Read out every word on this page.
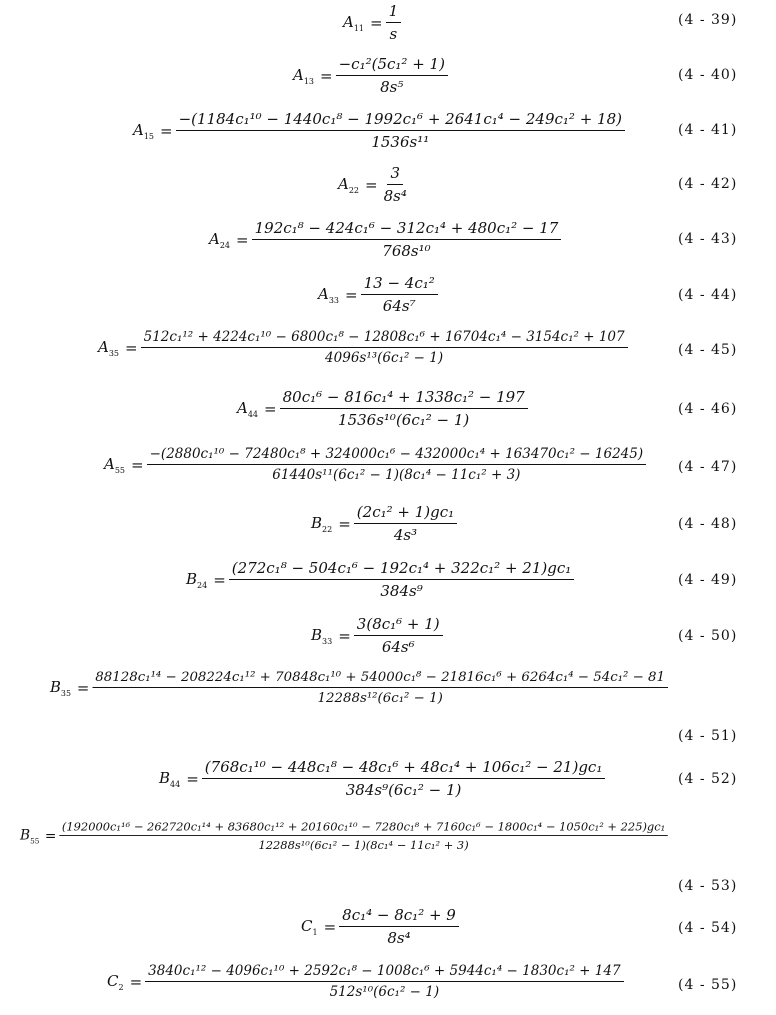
$A_{11} = \frac{1}{s}$	(4 - 39)
$A_{13} = \frac{\text{−c₁²(5c₁² + 1)}}{\text{8s⁵}}$	(4 - 40)
$A_{15} = \frac{\text{−(1184c₁¹⁰ − 1440c₁⁸ − 1992c₁⁶ + 2641c₁⁴ − 249c₁² + 18)}}{\text{1536s¹¹}}$	(4 - 41)
$A_{22} = \frac{3}{\text{8s⁴}}$	(4 - 42)
$A_{24} = \frac{\text{192c₁⁸ − 424c₁⁶ − 312c₁⁴ + 480c₁² − 17}}{\text{768s¹⁰}}$	(4 - 43)
$A_{33} = \frac{\text{13 − 4c₁²}}{\text{64s⁷}}$	(4 - 44)
$A_{35}$ =
512c₁¹² + 4224c₁¹⁰ − 6800c₁⁸ − 12808c₁⁶ + 16704c₁⁴ − 3154c₁² + 107
4096s¹³(6c₁² − 1)	(4 - 45)
$A_{44} = \frac{\text{80c₁⁶ − 816c₁⁴ + 1338c₁² − 197}}{\text{1536s¹⁰(6c₁² − 1)}}$	(4 - 46)
$A_{55}$ =
−(2880c₁¹⁰ − 72480c₁⁸ + 324000c₁⁶ − 432000c₁⁴ + 163470c₁² − 16245)
61440s¹¹(6c₁² − 1)(8c₁⁴ − 11c₁² + 3)	(4 - 47)
$B_{22} = \frac{\text{(2c₁² + 1)gc₁}}{\text{4s³}}$	(4 - 48)
$B_{24} = \frac{\text{(272c₁⁸ − 504c₁⁶ − 192c₁⁴ + 322c₁² + 21)gc₁}}{\text{384s⁹}}$	(4 - 49)
$B_{33} = \frac{\text{3(8c₁⁶ + 1)}}{\text{64s⁶}}$	(4 - 50)
$B_{35}$ =
88128c₁¹⁴ − 208224c₁¹² + 70848c₁¹⁰ + 54000c₁⁸ − 21816c₁⁶ + 6264c₁⁴ − 54c₁² − 81
12288s¹²(6c₁² − 1)
(4 - 51)
$B_{44} = \frac{\text{(768c₁¹⁰ − 448c₁⁸ − 48c₁⁶ + 48c₁⁴ + 106c₁² − 21)gc₁}}{\text{384s⁹(6c₁² − 1)}}$	(4 - 52)
$B_{55}$ =
(192000c₁¹⁶ − 262720c₁¹⁴ + 83680c₁¹² + 20160c₁¹⁰ − 7280c₁⁸ + 7160c₁⁶ − 1800c₁⁴ − 1050c₁² + 225)gc₁
12288s¹⁰(6c₁² − 1)(8c₁⁴ − 11c₁² + 3)
(4 - 53)
$C_1 = \frac{\text{8c₁⁴ − 8c₁² + 9}}{\text{8s⁴}}$	(4 - 54)
$C_2$ =
3840c₁¹² − 4096c₁¹⁰ + 2592c₁⁸ − 1008c₁⁶ + 5944c₁⁴ − 1830c₁² + 147
512s¹⁰(6c₁² − 1)	(4 - 55)
